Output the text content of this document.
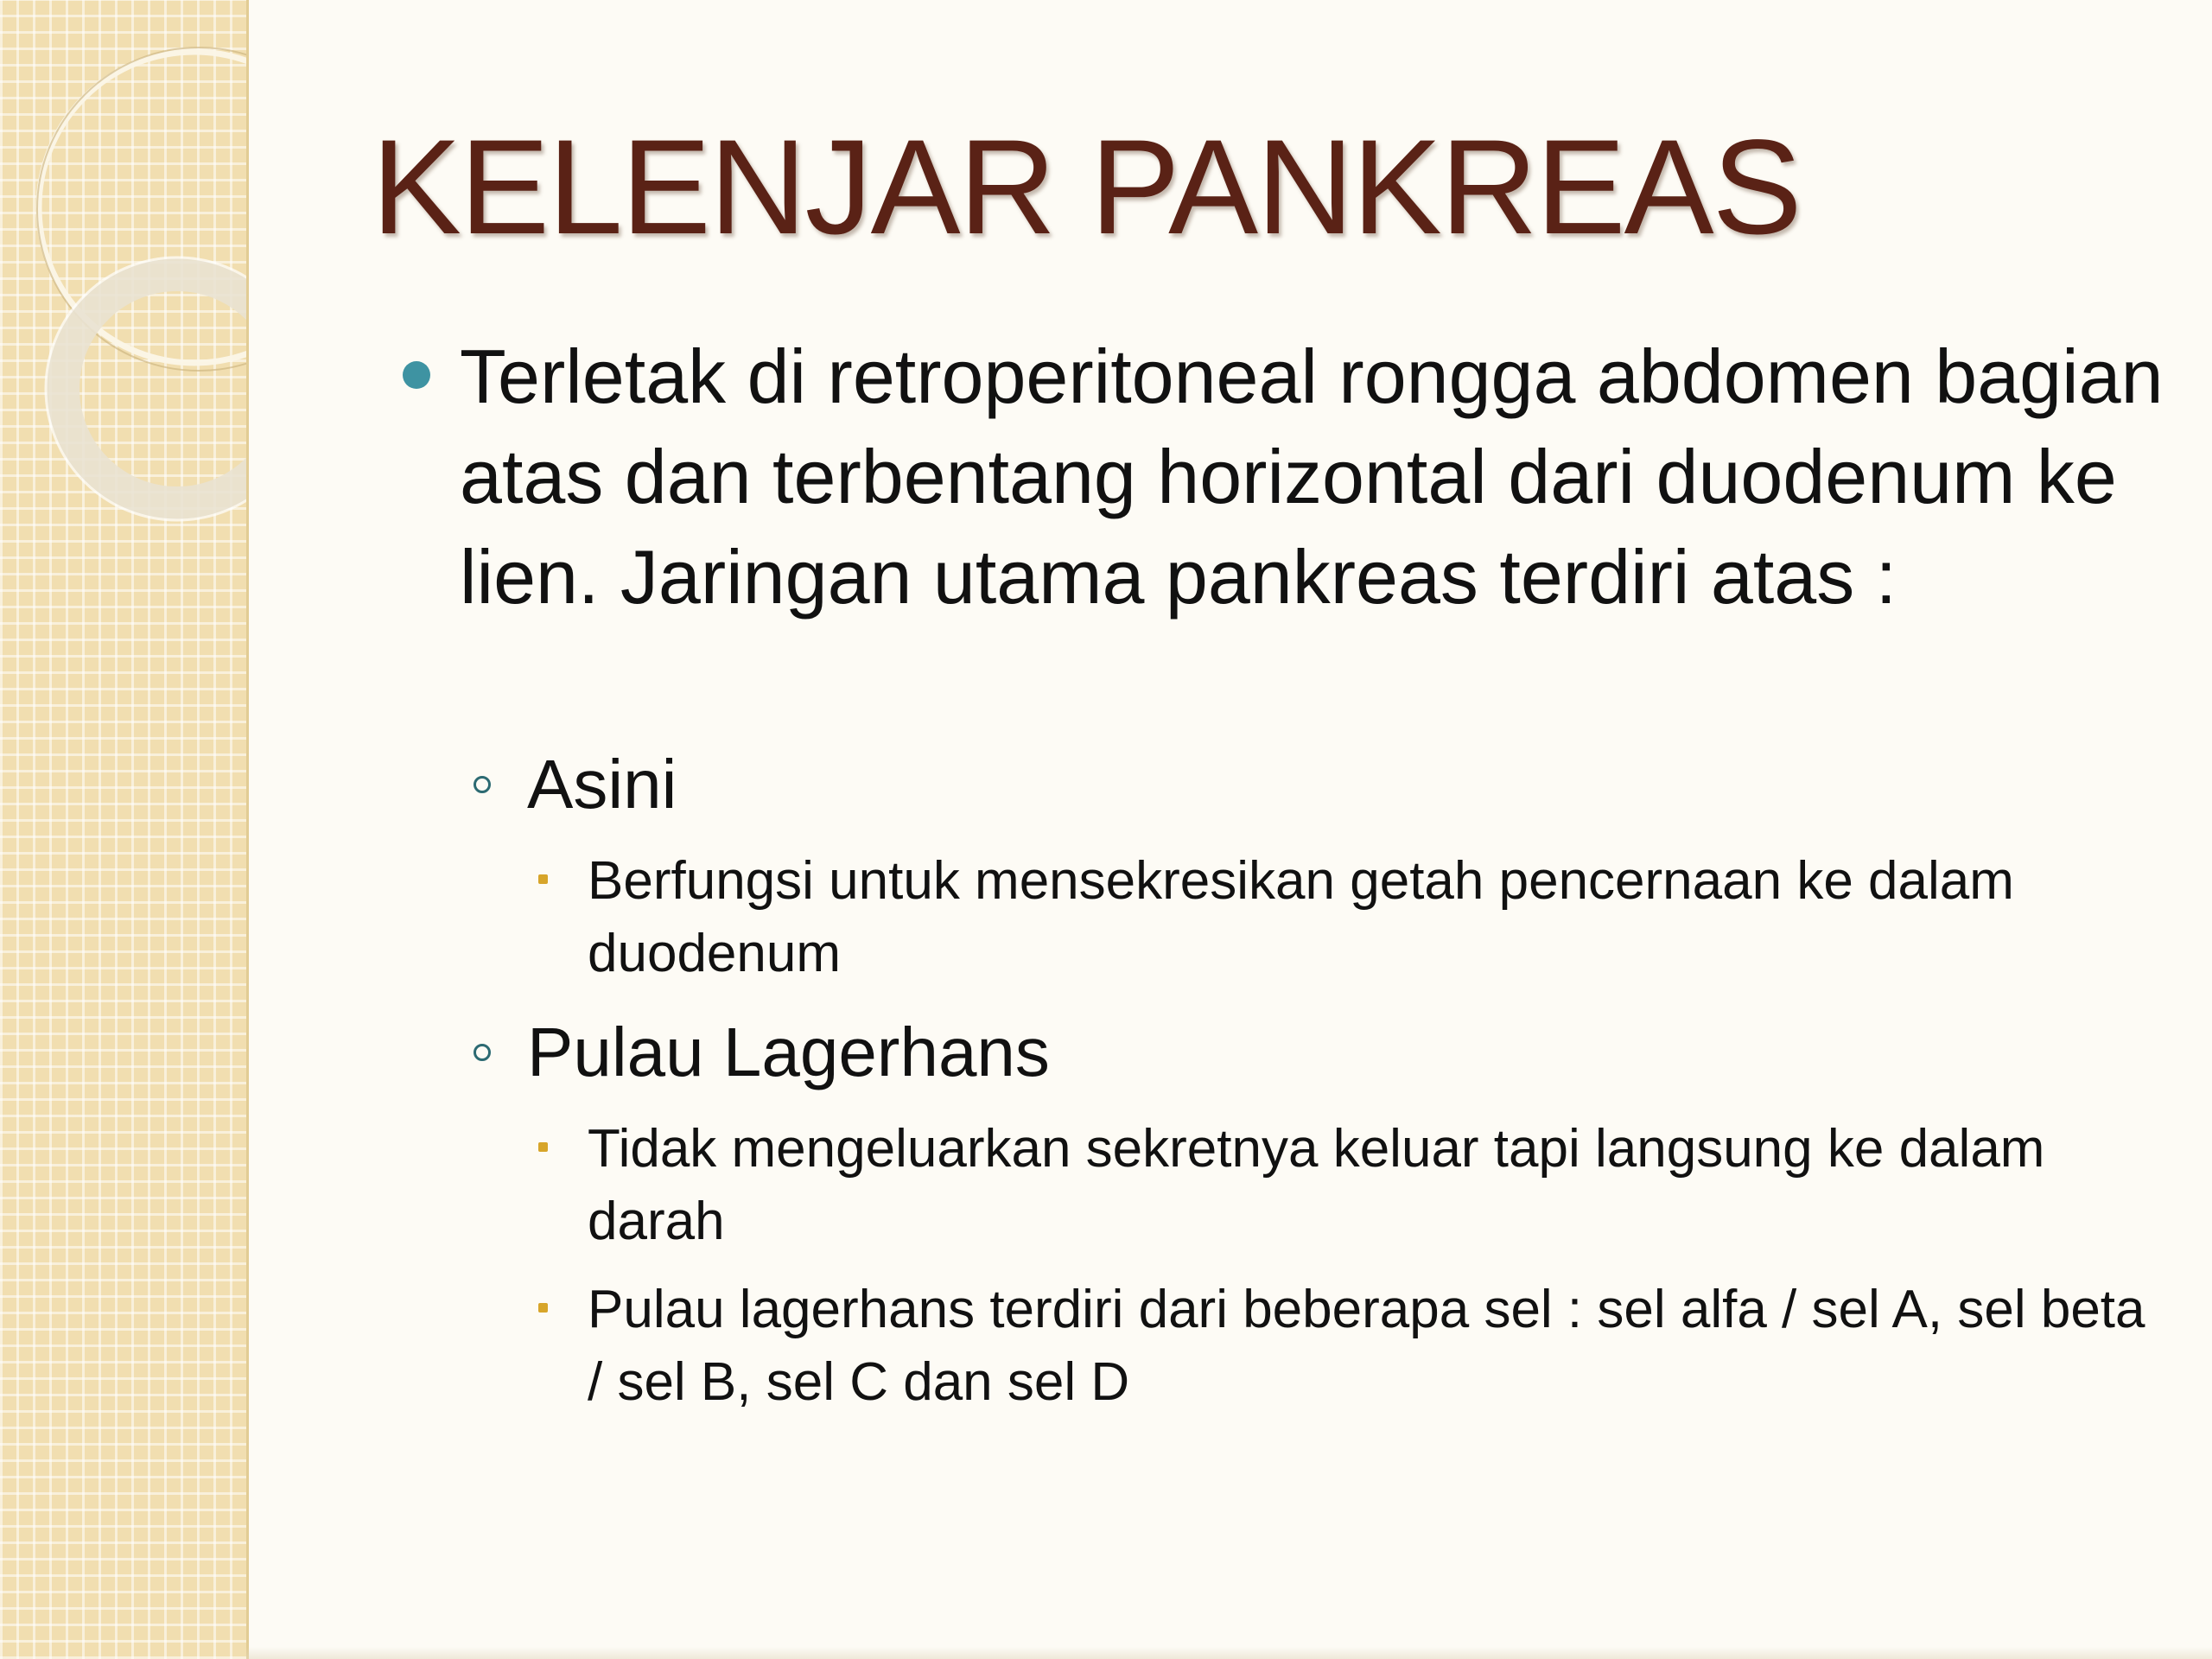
KELENJAR PANKREAS
Terletak di retroperitoneal rongga abdomen bagian atas dan terbentang horizontal dari duodenum ke lien. Jaringan utama pankreas terdiri atas :
Asini
Berfungsi untuk mensekresikan getah pencernaan ke dalam duodenum
Pulau Lagerhans
Tidak mengeluarkan sekretnya keluar tapi langsung ke dalam darah
Pulau lagerhans terdiri dari beberapa sel : sel alfa / sel A, sel beta / sel B, sel C dan sel D
